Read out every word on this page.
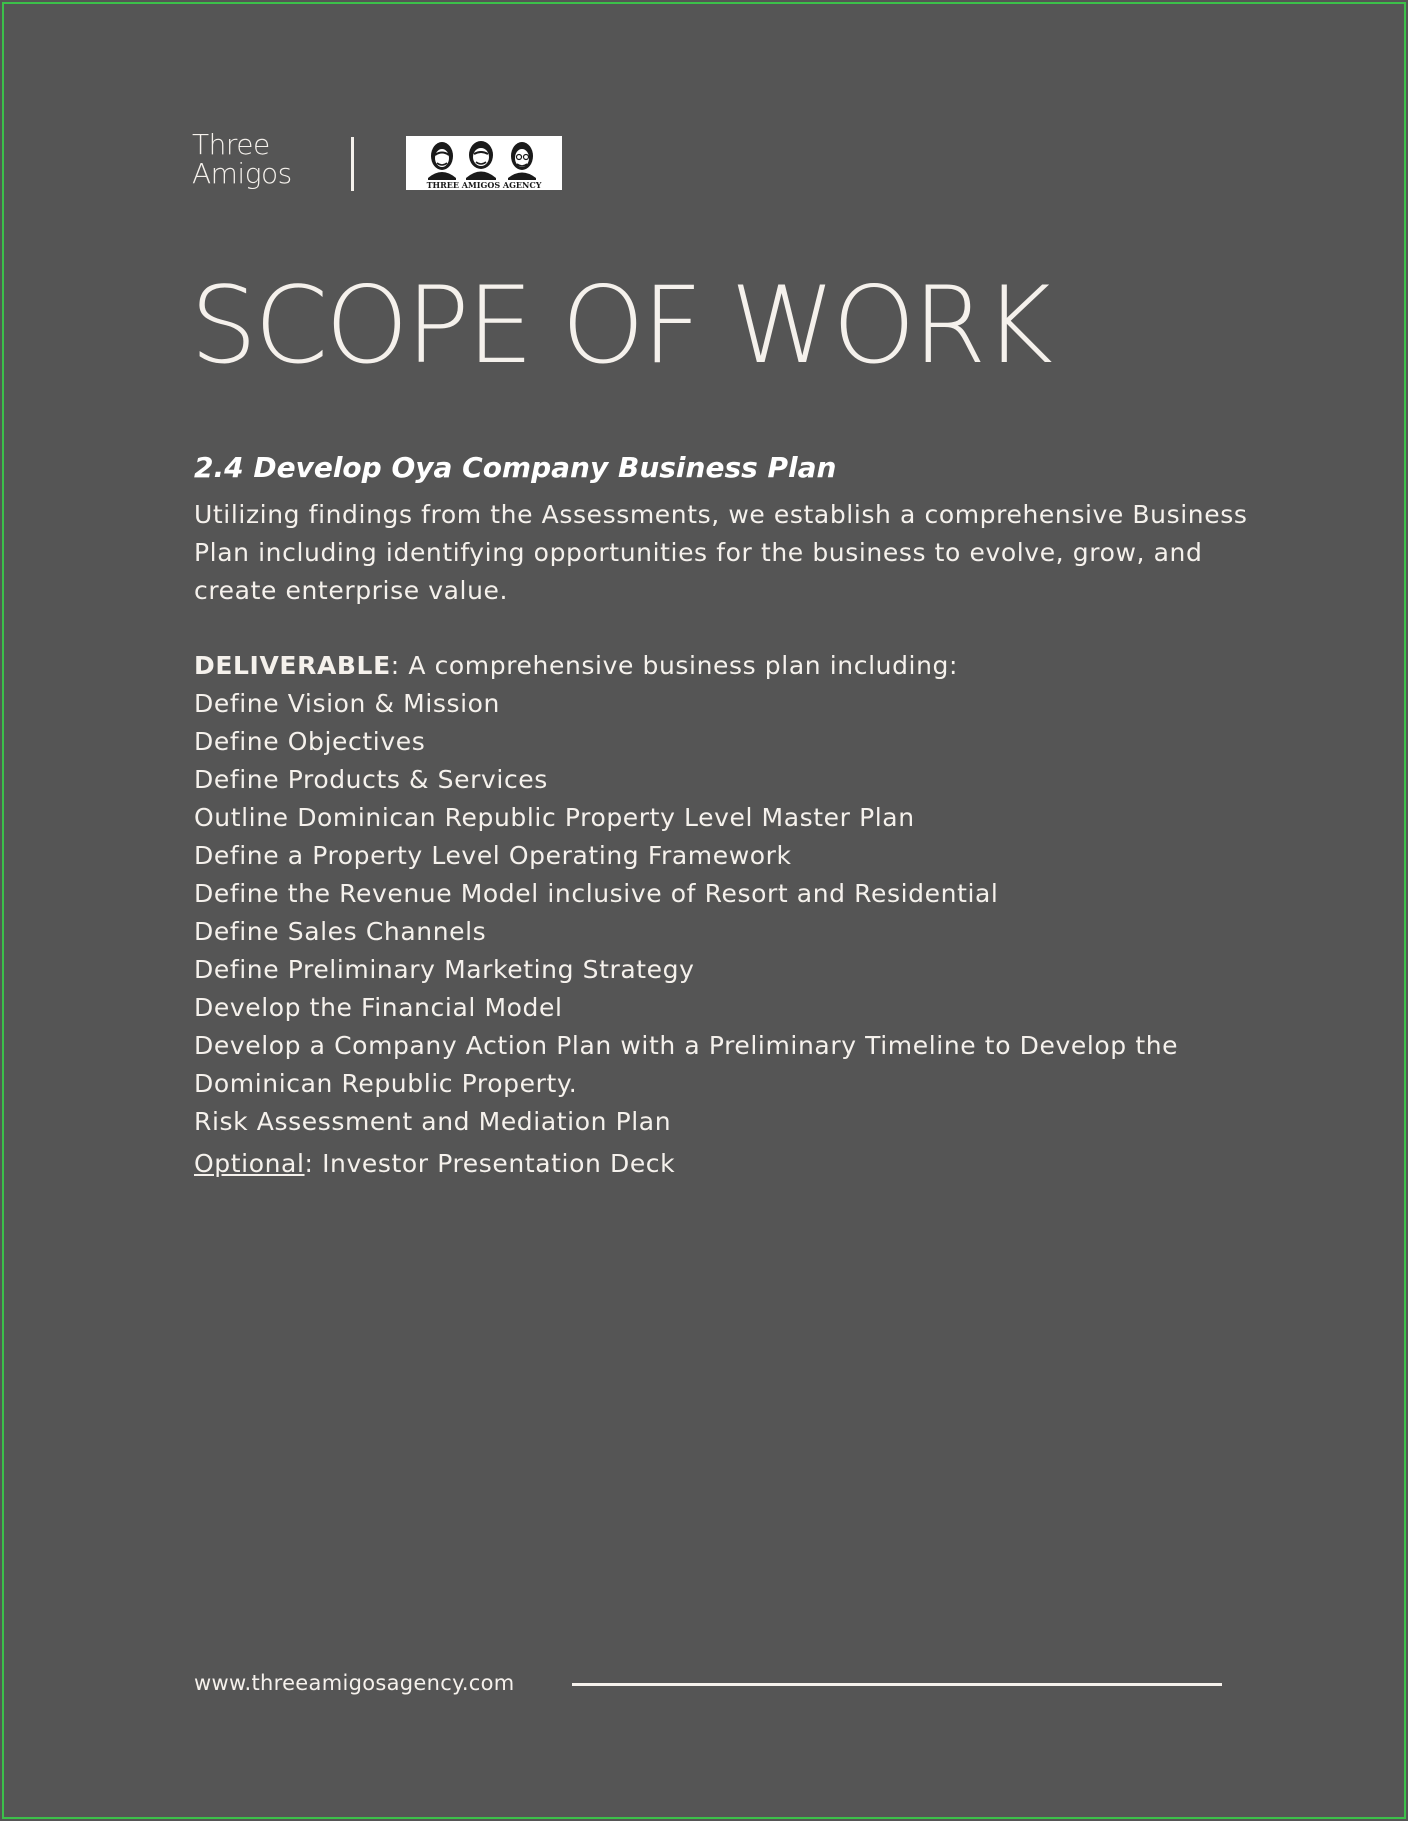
Three
Amigos	THREE AMIGOS AGENCY
SCOPE OF WORK
2.4 Develop Oya Company Business Plan

Utilizing findings from the Assessments, we establish a comprehensive Business Plan including identifying opportunities for the business to evolve, grow, and create enterprise value.

DELIVERABLE: A comprehensive business plan including:
Define Vision & Mission
Define Objectives
Define Products & Services
Outline Dominican Republic Property Level Master Plan
Define a Property Level Operating Framework
Define the Revenue Model inclusive of Resort and Residential
Define Sales Channels
Define Preliminary Marketing Strategy
Develop the Financial Model
Develop a Company Action Plan with a Preliminary Timeline to Develop the Dominican Republic Property.
Risk Assessment and Mediation Plan
Optional: Investor Presentation Deck
www.threeamigosagency.com
